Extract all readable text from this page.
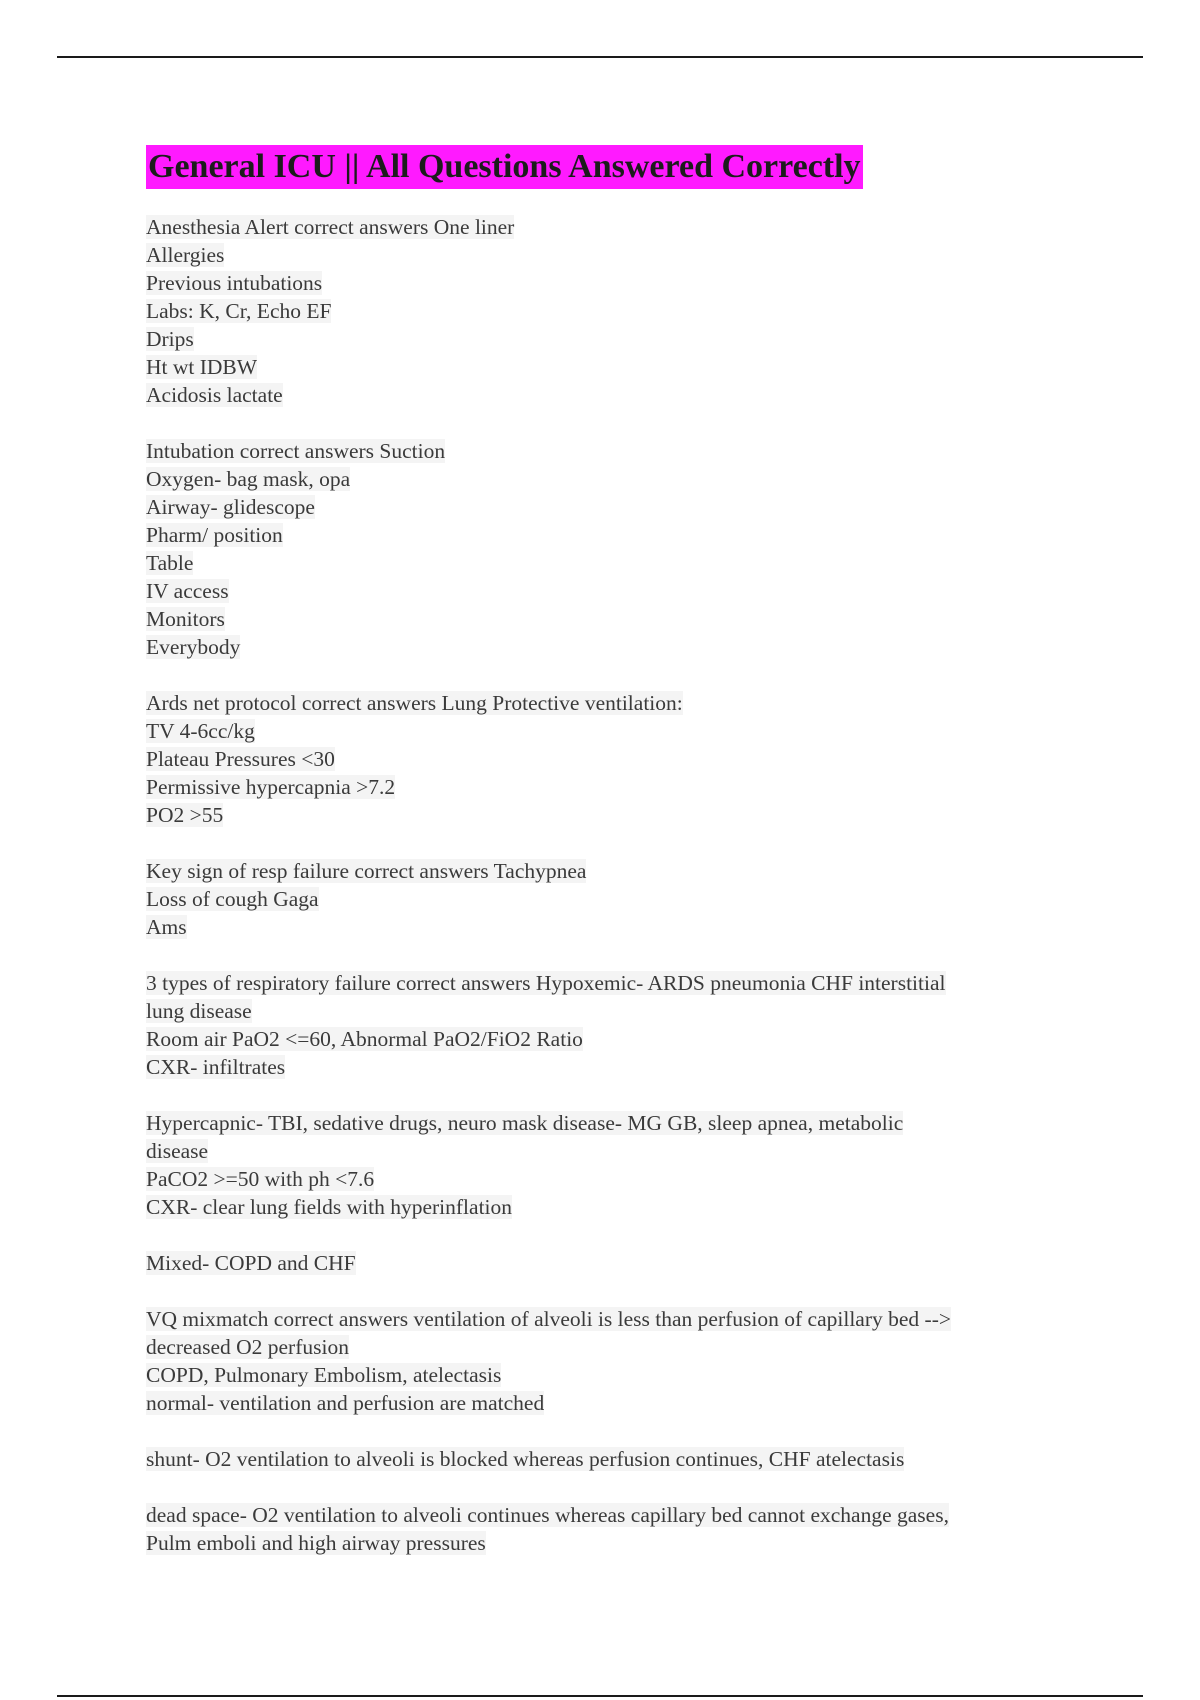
General ICU || All Questions Answered Correctly
Anesthesia Alert correct answers One liner
Allergies
Previous intubations
Labs: K, Cr, Echo EF
Drips
Ht wt IDBW
Acidosis lactate
Intubation correct answers Suction
Oxygen- bag mask, opa
Airway- glidescope
Pharm/ position
Table
IV access
Monitors
Everybody
Ards net protocol correct answers Lung Protective ventilation:
TV 4-6cc/kg
Plateau Pressures <30
Permissive hypercapnia >7.2
PO2 >55
Key sign of resp failure correct answers Tachypnea
Loss of cough Gaga
Ams
3 types of respiratory failure correct answers Hypoxemic- ARDS pneumonia CHF interstitial
lung disease
Room air PaO2 <=60, Abnormal PaO2/FiO2 Ratio
CXR- infiltrates
Hypercapnic- TBI, sedative drugs, neuro mask disease- MG GB, sleep apnea, metabolic
disease
PaCO2 >=50 with ph <7.6
CXR- clear lung fields with hyperinflation
Mixed- COPD and CHF
VQ mixmatch correct answers ventilation of alveoli is less than perfusion of capillary bed -->
decreased O2 perfusion
COPD, Pulmonary Embolism, atelectasis
normal- ventilation and perfusion are matched
shunt- O2 ventilation to alveoli is blocked whereas perfusion continues, CHF atelectasis
dead space- O2 ventilation to alveoli continues whereas capillary bed cannot exchange gases,
Pulm emboli and high airway pressures
